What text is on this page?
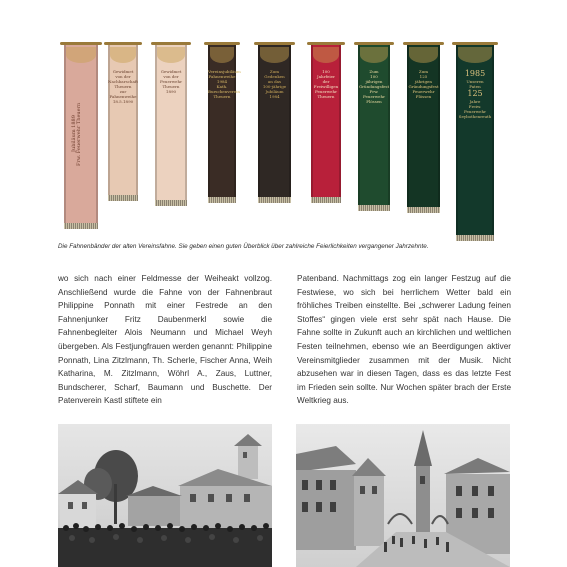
Jubiläum 1889 Frw. Feuerwehr Theuern
Gewidmet
von der
Nachbarschaft
Theuern
zur Fahnenweihe
18.5.1890
Gewidmet
von der
Feuerwehr
Theuern
1890
Vereinsjubiläum
Fahnenweihe
1984
Kath. Burschenverein
Theuern
Zum
Gedenken
an das
100-jährige
Jubiläum
1984
100
Jahrfeier
der
Freiwilligen
Feuerwehr
Theuern
Zum
100
jährigen
Gründungsfest
Frw. Feuerwehr
Plössen
Zum
125
jährigen
Gründungsfest
Feuerwehr
Plössen
1985
Unseren
Paten
125
Jahre
Freiw.
Feuerwehr
Seybothenreuth
Die Fahnenbänder der alten Vereinsfahne. Sie geben einen guten Überblick über zahlreiche Feierlichkeiten vergangener Jahrzehnte.

wo sich nach einer Feldmesse der Weiheakt vollzog. Anschließend wurde die Fahne von der Fahnenbraut Philippine Ponnath mit einer Festrede an den Fahnenjunker Fritz Daubenmerkl sowie die Fahnenbegleiter Alois Neumann und Michael Weyh übergeben. Als Festjungfrauen werden genannt: Philippine Ponnath, Lina Zitzlmann, Th. Scherle, Fischer Anna, Weih Katharina, M. Zitzlmann, Wöhrl A., Zaus, Luttner, Bundscherer, Scharf, Baumann und Buschette. Der Patenverein Kastl stiftete ein

Patenband. Nachmittags zog ein langer Festzug auf die Festwiese, wo sich bei herrlichem Wetter bald ein fröhliches Treiben einstellte. Bei „schwerer Ladung feinen Stoffes“ gingen viele erst sehr spät nach Hause. Die Fahne sollte in Zukunft auch an kirchlichen und weltlichen Festen teilnehmen, ebenso wie an Beerdigungen aktiver Vereinsmitglieder zusammen mit der Musik. Nicht abzusehen war in diesen Tagen, dass es das letzte Fest im Frieden sein sollte. Nur Wochen später brach der Erste Weltkrieg aus.
